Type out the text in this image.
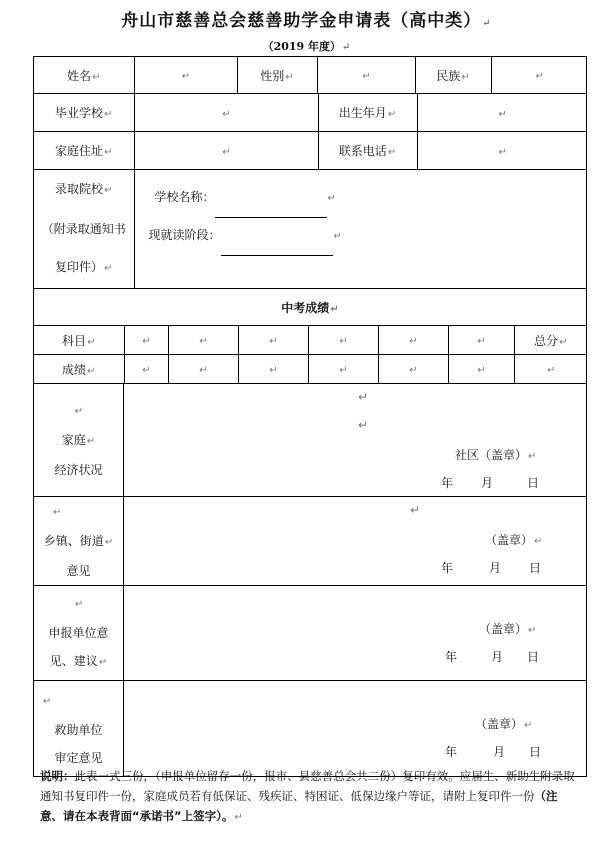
舟山市慈善总会慈善助学金申请表（高中类）↵
（2019 年度）↵
姓名↵	↵	性别↵	↵	民族↵	↵

毕业学校↵	↵	出生年月↵	↵

家庭住址↵	↵	联系电话↵	↵

录取院校↵
（附录取通知书
复印件）↵

学校名称：	↵
现就读阶段：	↵

中考成绩↵

科目↵	↵	↵	↵	↵	↵	↵	总分↵

成绩↵	↵	↵	↵	↵	↵	↵	↵

↵
家庭↵
经济状况

↵
↵
社区（盖章）↵
年 月	日

↵
乡镇、街道↵
意见

↵
（盖章）↵
年	月 日

↵
申报单位意
见、建议↵

（盖章）↵
年	月 日

↵
救助单位
审定意见

（盖章）↵
年	月 日
说明：此表一式三份，（申报单位留存一份，报市、县慈善总会共二份）复印有效。应届生、新助生附录取通知书复印件一份，家庭成员若有低保证、残疾证、特困证、低保边缘户等证，请附上复印件一份（注意、请在本表背面“承诺书”上签字）。↵
